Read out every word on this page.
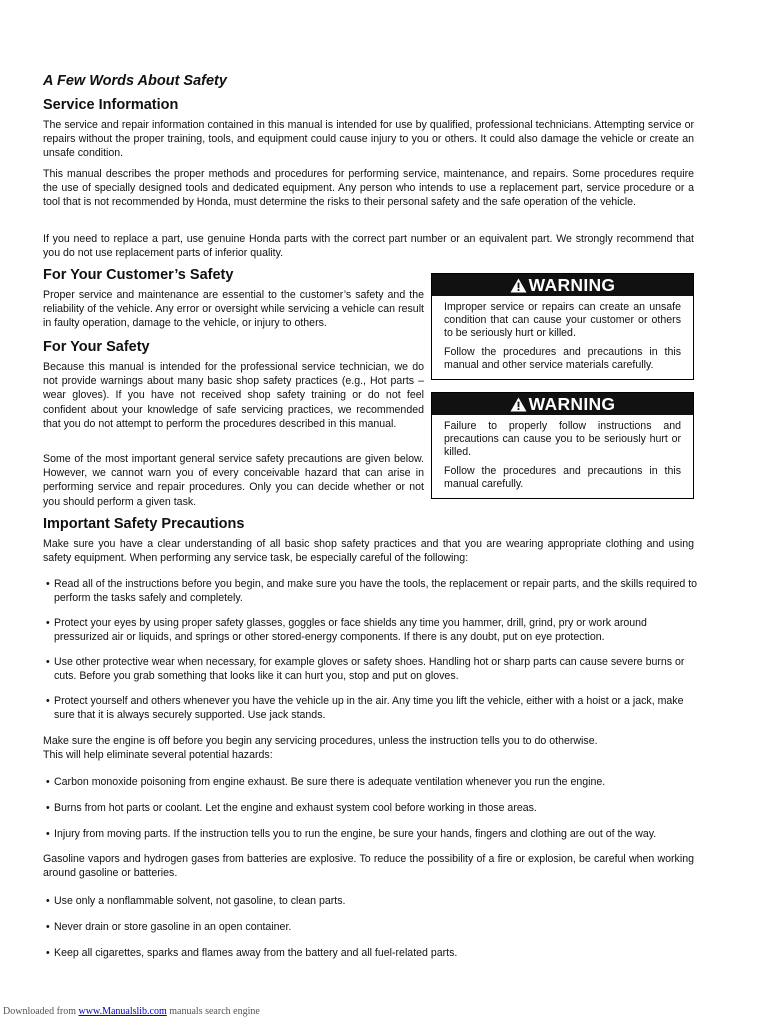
A Few Words About Safety
Service Information

The service and repair information contained in this manual is intended for use by qualified, professional technicians. Attempting service or repairs without the proper training, tools, and equipment could cause injury to you or others. It could also damage the vehicle or create an unsafe condition.

This manual describes the proper methods and procedures for performing service, maintenance, and repairs. Some procedures require the use of specially designed tools and dedicated equipment. Any person who intends to use a replacement part, service procedure or a tool that is not recommended by Honda, must determine the risks to their personal safety and the safe operation of the vehicle.

If you need to replace a part, use genuine Honda parts with the correct part number or an equivalent part. We strongly recommend that you do not use replacement parts of inferior quality.

For Your Customer’s Safety

Proper service and maintenance are essential to the customer’s safety and the reliability of the vehicle. Any error or oversight while servicing a vehicle can result in faulty operation, damage to the vehicle, or injury to others.

For Your Safety

Because this manual is intended for the professional service technician, we do not provide warnings about many basic shop safety practices (e.g., Hot parts – wear gloves). If you have not received shop safety training or do not feel confident about your knowledge of safe servicing practices, we recommended that you do not attempt to perform the procedures described in this manual.

Some of the most important general service safety precautions are given below. However, we cannot warn you of every conceivable hazard that can arise in performing service and repair procedures. Only you can decide whether or not you should perform a given task.

WARNING

Improper service or repairs can create an unsafe condition that can cause your customer or others to be seriously hurt or killed.

Follow the procedures and precautions in this manual and other service materials carefully.

WARNING

Failure to properly follow instructions and precautions can cause you to be seriously hurt or killed.

Follow the procedures and precautions in this manual carefully.

Important Safety Precautions

Make sure you have a clear understanding of all basic shop safety practices and that you are wearing appropriate clothing and using safety equipment. When performing any service task, be especially careful of the following:

• Read all of the instructions before you begin, and make sure you have the tools, the replacement or repair parts, and the skills required to perform the tasks safely and completely.

• Protect your eyes by using proper safety glasses, goggles or face shields any time you hammer, drill, grind, pry or work around pressurized air or liquids, and springs or other stored-energy components. If there is any doubt, put on eye protection.

• Use other protective wear when necessary, for example gloves or safety shoes. Handling hot or sharp parts can cause severe burns or cuts. Before you grab something that looks like it can hurt you, stop and put on gloves.

• Protect yourself and others whenever you have the vehicle up in the air. Any time you lift the vehicle, either with a hoist or a jack, make sure that it is always securely supported. Use jack stands.

Make sure the engine is off before you begin any servicing procedures, unless the instruction tells you to do otherwise.

This will help eliminate several potential hazards:

• Carbon monoxide poisoning from engine exhaust. Be sure there is adequate ventilation whenever you run the engine.

• Burns from hot parts or coolant. Let the engine and exhaust system cool before working in those areas.

• Injury from moving parts. If the instruction tells you to run the engine, be sure your hands, fingers and clothing are out of the way.

Gasoline vapors and hydrogen gases from batteries are explosive. To reduce the possibility of a fire or explosion, be careful when working around gasoline or batteries.

• Use only a nonflammable solvent, not gasoline, to clean parts.

• Never drain or store gasoline in an open container.

• Keep all cigarettes, sparks and flames away from the battery and all fuel-related parts.

Downloaded from www.Manualslib.com manuals search engine
